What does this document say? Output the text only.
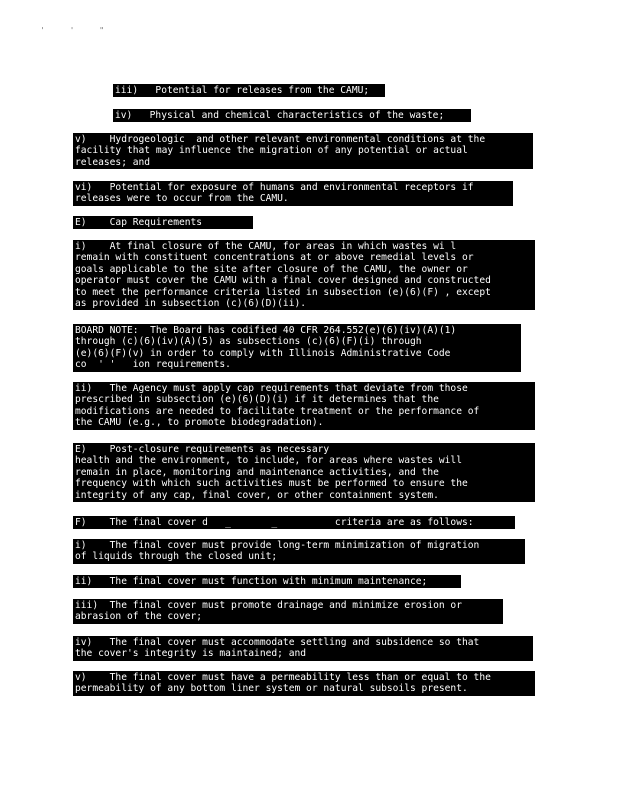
' ' "
iii)   Potential for releases from the CAMU;
iv)   Physical and chemical characteristics of the waste;
v)    Hydrogeologic  and other relevant environmental conditions at the
facility that may influence the migration of any potential or actual
releases; and
vi)   Potential for exposure of humans and environmental receptors if
releases were to occur from the CAMU.
E)    Cap Requirements
i)    At final closure of the CAMU, for areas in which wastes wi l
remain with constituent concentrations at or above remedial levels or
goals applicable to the site after closure of the CAMU, the owner or
operator must cover the CAMU with a final cover designed and constructed
to meet the performance criteria listed in subsection (e)(6)(F) , except
as provided in subsection (c)(6)(D)(ii).
BOARD NOTE:  The Board has codified 40 CFR 264.552(e)(6)(iv)(A)(1)
through (c)(6)(iv)(A)(5) as subsections (c)(6)(F)(i) through
(e)(6)(F)(v) in order to comply with Illinois Administrative Code
co  ' '   ion requirements.
ii)   The Agency must apply cap requirements that deviate from those
prescribed in subsection (e)(6)(D)(i) if it determines that the
modifications are needed to facilitate treatment or the performance of
the CAMU (e.g., to promote biodegradation).
E)    Post-closure requirements as necessary to adequately protect human
health and the environment, to include, for areas where wastes will
remain in place, monitoring and maintenance activities, and the
frequency with which such activities must be performed to ensure the
integrity of any cap, final cover, or other containment system.
F)    The final cover d   _       _          criteria are as follows:
i)    The final cover must provide long-term minimization of migration
of liquids through the closed unit;
ii)   The final cover must function with minimum maintenance;
iii)  The final cover must promote drainage and minimize erosion or
abrasion of the cover;
iv)   The final cover must accommodate settling and subsidence so that
the cover's integrity is maintained; and
v)    The final cover must have a permeability less than or equal to the
permeability of any bottom liner system or natural subsoils present.
